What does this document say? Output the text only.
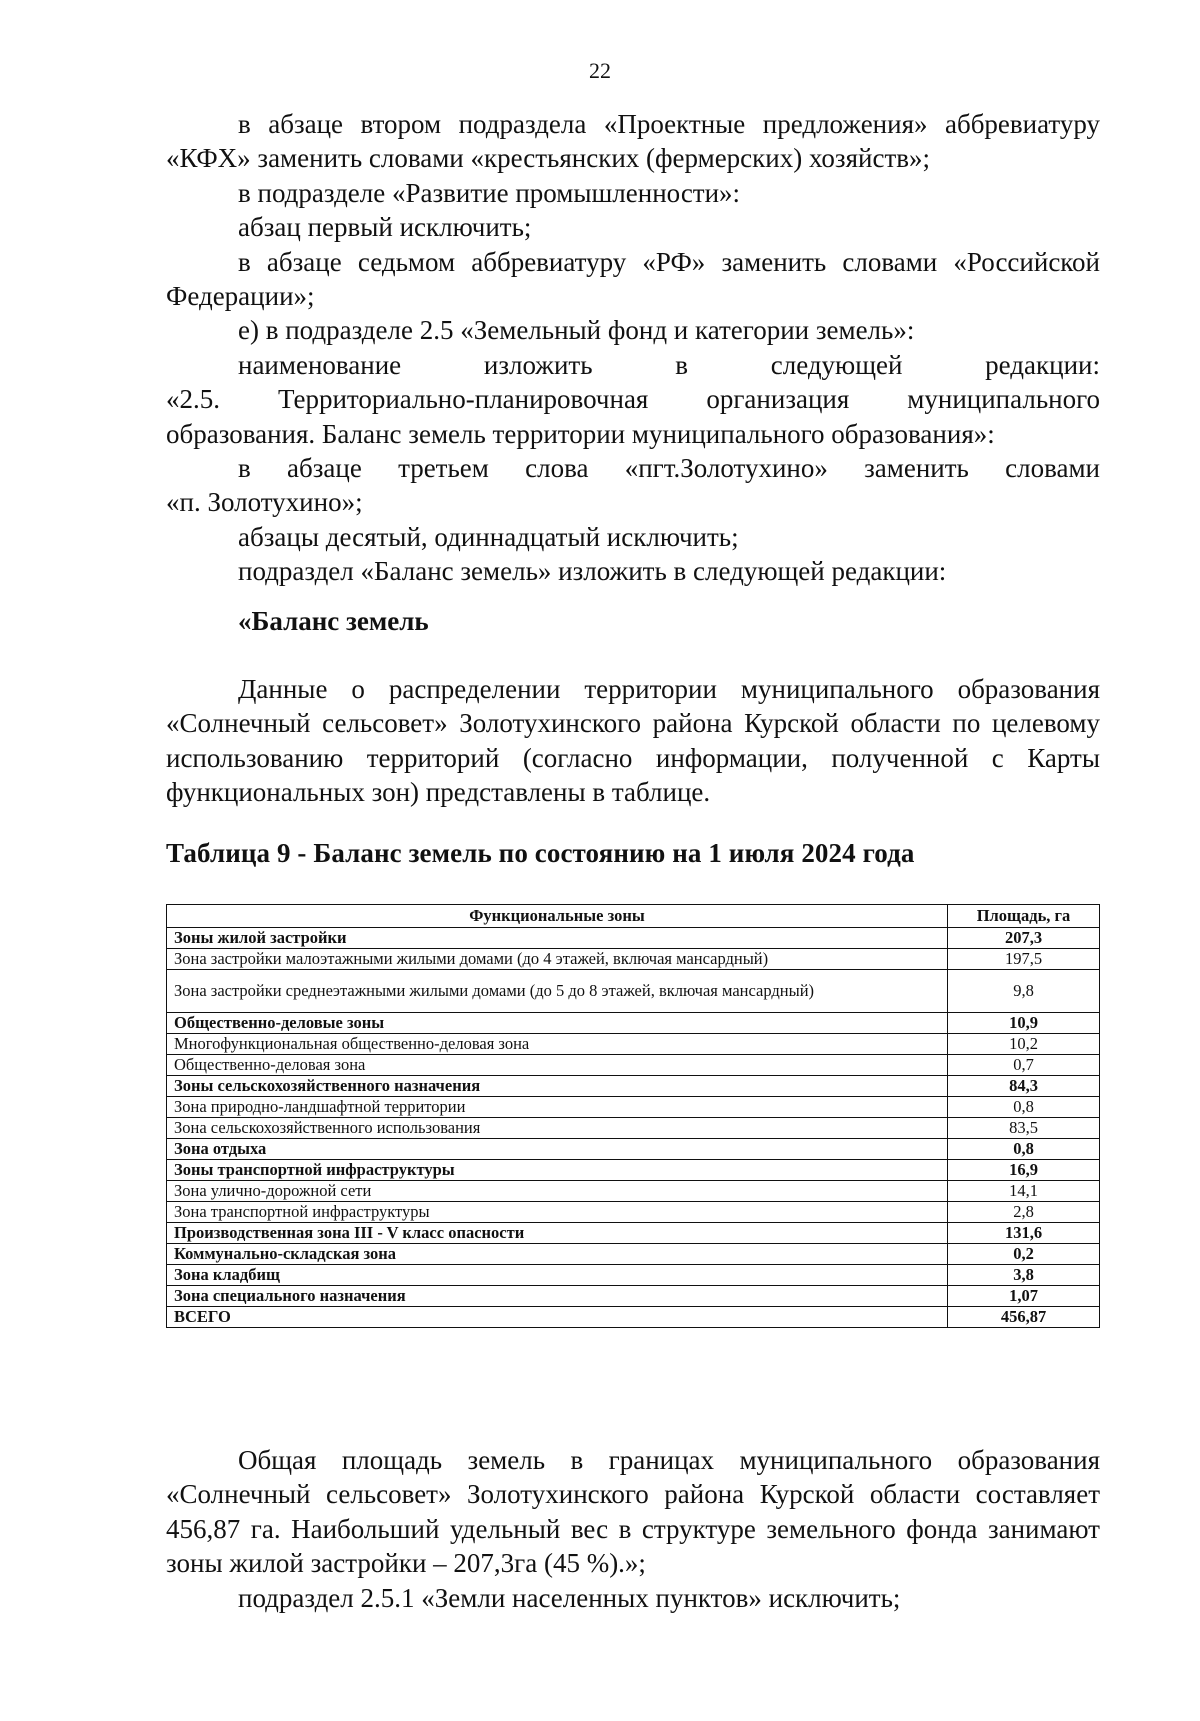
22

в абзаце втором подраздела «Проектные предложения» аббревиатуру

«КФХ» заменить словами «крестьянских (фермерских) хозяйств»;

в подразделе «Развитие промышленности»:

абзац первый исключить;

в абзаце седьмом аббревиатуру «РФ» заменить словами «Российской

Федерации»;

е) в подразделе 2.5 «Земельный фонд и категории земель»:

наименование изложить в следующей редакции:

«2.5. Территориально-планировочная организация муниципального

образования. Баланс земель территории муниципального образования»:

в абзаце третьем слова «пгт.Золотухино» заменить словами

«п. Золотухино»;

абзацы десятый, одиннадцатый исключить;

подраздел «Баланс земель» изложить в следующей редакции:

«Баланс земель

Данные о распределении территории муниципального образования «Солнечный сельсовет» Золотухинского района Курской области по целевому использованию территорий (согласно информации, полученной с Карты функциональных зон) представлены в таблице.

Таблица 9 - Баланс земель по состоянию на 1 июля 2024 года
Функциональные зоны	Площадь, га
Зоны жилой застройки	207,3
Зона застройки малоэтажными жилыми домами (до 4 этажей, включая мансардный)	197,5
Зона застройки среднеэтажными жилыми домами (до 5 до 8 этажей, включая мансардный)	9,8
Общественно-деловые зоны	10,9
Многофункциональная общественно-деловая зона	10,2
Общественно-деловая зона	0,7
Зоны сельскохозяйственного назначения	84,3
Зона природно-ландшафтной территории	0,8
Зона сельскохозяйственного использования	83,5
Зона отдыха	0,8
Зоны транспортной инфраструктуры	16,9
Зона улично-дорожной сети	14,1
Зона транспортной инфраструктуры	2,8
Производственная зона III - V класс опасности	131,6
Коммунально-складская зона	0,2
Зона кладбищ	3,8
Зона специального назначения	1,07
ВСЕГО	456,87

Общая площадь земель в границах муниципального образования «Солнечный сельсовет» Золотухинского района Курской области составляет 456,87 га. Наибольший удельный вес в структуре земельного фонда занимают зоны жилой застройки – 207,3га (45 %).»;

подраздел 2.5.1 «Земли населенных пунктов» исключить;
